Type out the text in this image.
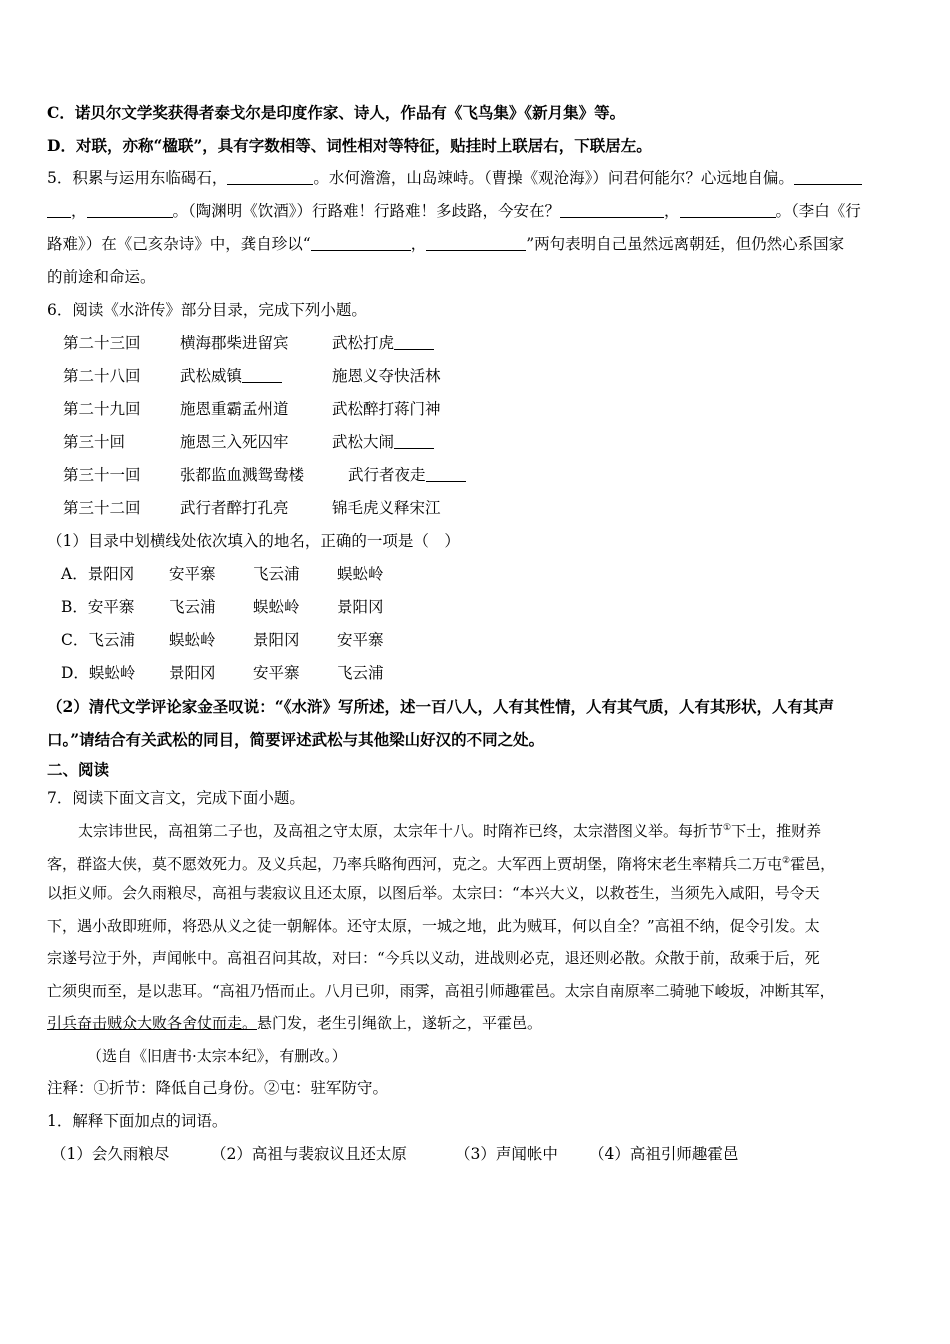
C．诺贝尔文学奖获得者泰戈尔是印度作家、诗人，作品有《飞鸟集》《新月集》等。
D．对联，亦称“楹联”，具有字数相等、词性相对等特征，贴挂时上联居右，下联居左。
5．积累与运用东临碣石，	。水何澹澹，山岛竦峙。（曹操《观沧海》）问君何能尔？心远地自偏。
，	。（陶渊明《饮酒》）行路难！行路难！多歧路，今安在？	，	。（李白《行
路难》）在《己亥杂诗》中，龚自珍以“	，	”两句表明自己虽然远离朝廷，但仍然心系国家
的前途和命运。
6．阅读《水浒传》部分目录，完成下列小题。
第二十三回	横海郡柴进留宾	武松打虎
第二十八回	武松威镇	施恩义夺快活林
第二十九回	施恩重霸孟州道	武松醉打蒋门神
第三十回	施恩三入死囚牢	武松大闹
第三十一回	张都监血溅鸳鸯楼	武行者夜走
第三十二回	武行者醉打孔亮	锦毛虎义释宋江
（1）目录中划横线处依次填入的地名，正确的一项是（　）
A．景阳冈 安平寨 飞云浦 蜈蚣岭
B．安平寨 飞云浦 蜈蚣岭 景阳冈
C．飞云浦 蜈蚣岭 景阳冈 安平寨
D．蜈蚣岭 景阳冈 安平寨 飞云浦
（2）清代文学评论家金圣叹说：“《水浒》写所述，述一百八人，人有其性情，人有其气质，人有其形状，人有其声
口。”请结合有关武松的同目，简要评述武松与其他梁山好汉的不同之处。
二、阅读
7．阅读下面文言文，完成下面小题。
太宗讳世民，高祖第二子也，及高祖之守太原，太宗年十八。时隋祚已终，太宗潜图义举。每折节①下士，推财养
客，群盗大侠，莫不愿效死力。及义兵起，乃率兵略徇西河，克之。大军西上贾胡堡，隋将宋老生率精兵二万屯②霍邑，
以拒义师。会久雨粮尽，高祖与裴寂议且还太原，以图后举。太宗曰：“本兴大义，以救苍生，当须先入咸阳，号令天
下，遇小敌即班师，将恐从义之徒一朝解体。还守太原，一城之地，此为贼耳，何以自全？”高祖不纳，促令引发。太
宗遂号泣于外，声闻帐中。高祖召问其故，对曰：“今兵以义动，进战则必克，退还则必散。众散于前，敌乘于后，死
亡须臾而至，是以悲耳。“高祖乃悟而止。八月已卯，雨霁，高祖引师趣霍邑。太宗自南原率二骑驰下峻坂，冲断其军，
引兵奋击贼众大败各舍仗而走。悬门发，老生引绳欲上，遂斩之，平霍邑。
（选自《旧唐书·太宗本纪》，有删改。）
注释：①折节：降低自己身份。②屯：驻军防守。
1．解释下面加点的词语。
（1）会久雨粮尽	（2）高祖与裴寂议且还太原	（3）声闻帐中 （4）高祖引师趣霍邑
